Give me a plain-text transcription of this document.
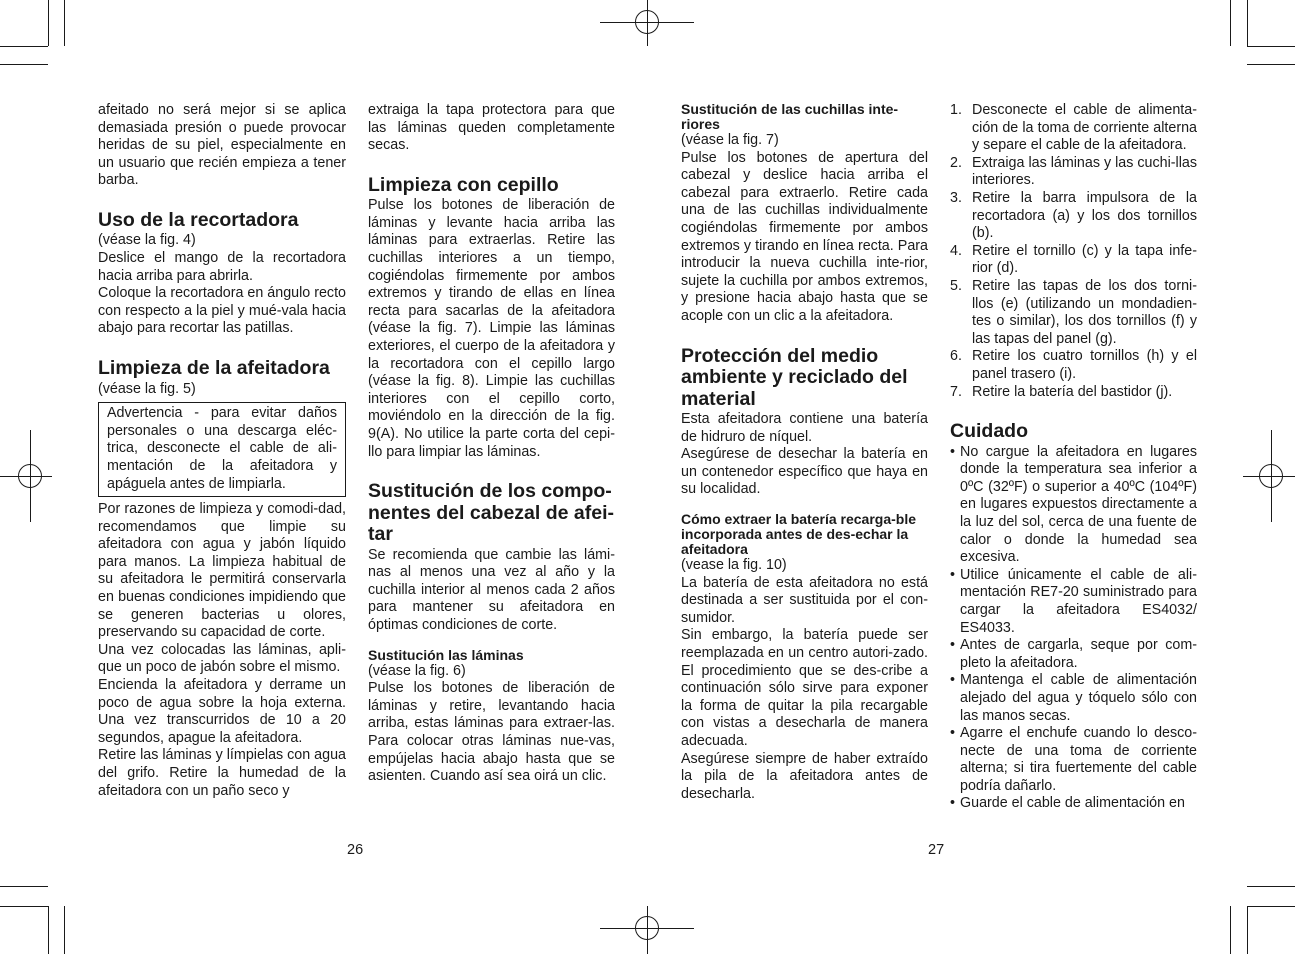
afeitado no será mejor si se aplica demasiada presión o puede provocar heridas de su piel, especialmente en un usuario que recién empieza a tener barba.

Uso de la recortadora

(véase la fig. 4)

Deslice el mango de la recortadora hacia arriba para abrirla.

Coloque la recortadora en ángulo recto con respecto a la piel y mué-vala hacia abajo para recortar las patillas.

Limpieza de la afeitadora

(véase la fig. 5)

Advertencia - para evitar daños personales o una descarga eléc-trica, desconecte el cable de ali-mentación de la afeitadora y apáguela antes de limpiarla.

Por razones de limpieza y comodi-dad, recomendamos que limpie su afeitadora con agua y jabón líquido para manos. La limpieza habitual de su afeitadora le permitirá conservarla en buenas condiciones impidiendo que se generen bacterias u olores, preservando su capacidad de corte.

Una vez colocadas las láminas, apli-que un poco de jabón sobre el mismo.

Encienda la afeitadora y derrame un poco de agua sobre la hoja externa. Una vez transcurridos de 10 a 20 segundos, apague la afeitadora.

Retire las láminas y límpielas con agua del grifo. Retire la humedad de la afeitadora con un paño seco y

extraiga la tapa protectora para que las láminas queden completamente secas.

Limpieza con cepillo

Pulse los botones de liberación de láminas y levante hacia arriba las láminas para extraerlas. Retire las cuchillas interiores a un tiempo, cogiéndolas firmemente por ambos extremos y tirando de ellas en línea recta para sacarlas de la afeitadora (véase la fig. 7). Limpie las láminas exteriores, el cuerpo de la afeitadora y la recortadora con el cepillo largo (véase la fig. 8). Limpie las cuchillas interiores con el cepillo corto, moviéndolo en la dirección de la fig. 9(A). No utilice la parte corta del cepi-llo para limpiar las láminas.

Sustitución de los compo-nentes del cabezal de afei-tar

Se recomienda que cambie las lámi-nas al menos una vez al año y la cuchilla interior al menos cada 2 años para mantener su afeitadora en óptimas condiciones de corte.

Sustitución las láminas

(véase la fig. 6)

Pulse los botones de liberación de láminas y retire, levantando hacia arriba, estas láminas para extraer-las. Para colocar otras láminas nue-vas, empújelas hacia abajo hasta que se asienten. Cuando así sea oirá un clic.

Sustitución de las cuchillas inte-riores

(véase la fig. 7)

Pulse los botones de apertura del cabezal y deslice hacia arriba el cabezal para extraerlo. Retire cada una de las cuchillas individualmente cogiéndolas firmemente por ambos extremos y tirando en línea recta. Para introducir la nueva cuchilla inte-rior, sujete la cuchilla por ambos extremos, y presione hacia abajo hasta que se acople con un clic a la afeitadora.

Protección del medio ambiente y reciclado del material

Esta afeitadora contiene una batería de hidruro de níquel.

Asegúrese de desechar la batería en un contenedor específico que haya en su localidad.

Cómo extraer la batería recarga-ble incorporada antes de des-echar la afeitadora

(vease la fig. 10)

La batería de esta afeitadora no está destinada a ser sustituida por el con-sumidor.

Sin embargo, la batería puede ser reemplazada en un centro autori-zado. El procedimiento que se des-cribe a continuación sólo sirve para exponer la forma de quitar la pila recargable con vistas a desecharla de manera adecuada.

Asegúrese siempre de haber extraído la pila de la afeitadora antes de desecharla.

1. Desconecte el cable de alimenta-ción de la toma de corriente alterna y separe el cable de la afeitadora.
2. Extraiga las láminas y las cuchi-llas interiores.
3. Retire la barra impulsora de la recortadora (a) y los dos tornillos (b).
4. Retire el tornillo (c) y la tapa infe-rior (d).
5. Retire las tapas de los dos torni-llos (e) (utilizando un mondadien-tes o similar), los dos tornillos (f) y las tapas del panel (g).
6. Retire los cuatro tornillos (h) y el panel trasero (i).
7. Retire la batería del bastidor (j).
Cuidado
• No cargue la afeitadora en lugares donde la temperatura sea inferior a 0ºC (32ºF) o superior a 40ºC (104ºF) en lugares expuestos directamente a la luz del sol, cerca de una fuente de calor o donde la humedad sea excesiva.
• Utilice únicamente el cable de ali-mentación RE7-20 suministrado para cargar la afeitadora ES4032/ ES4033.
• Antes de cargarla, seque por com-pleto la afeitadora.
• Mantenga el cable de alimentación alejado del agua y tóquelo sólo con las manos secas.
• Agarre el enchufe cuando lo desco-necte de una toma de corriente alterna; si tira fuertemente del cable podría dañarlo.
• Guarde el cable de alimentación en
26	27
